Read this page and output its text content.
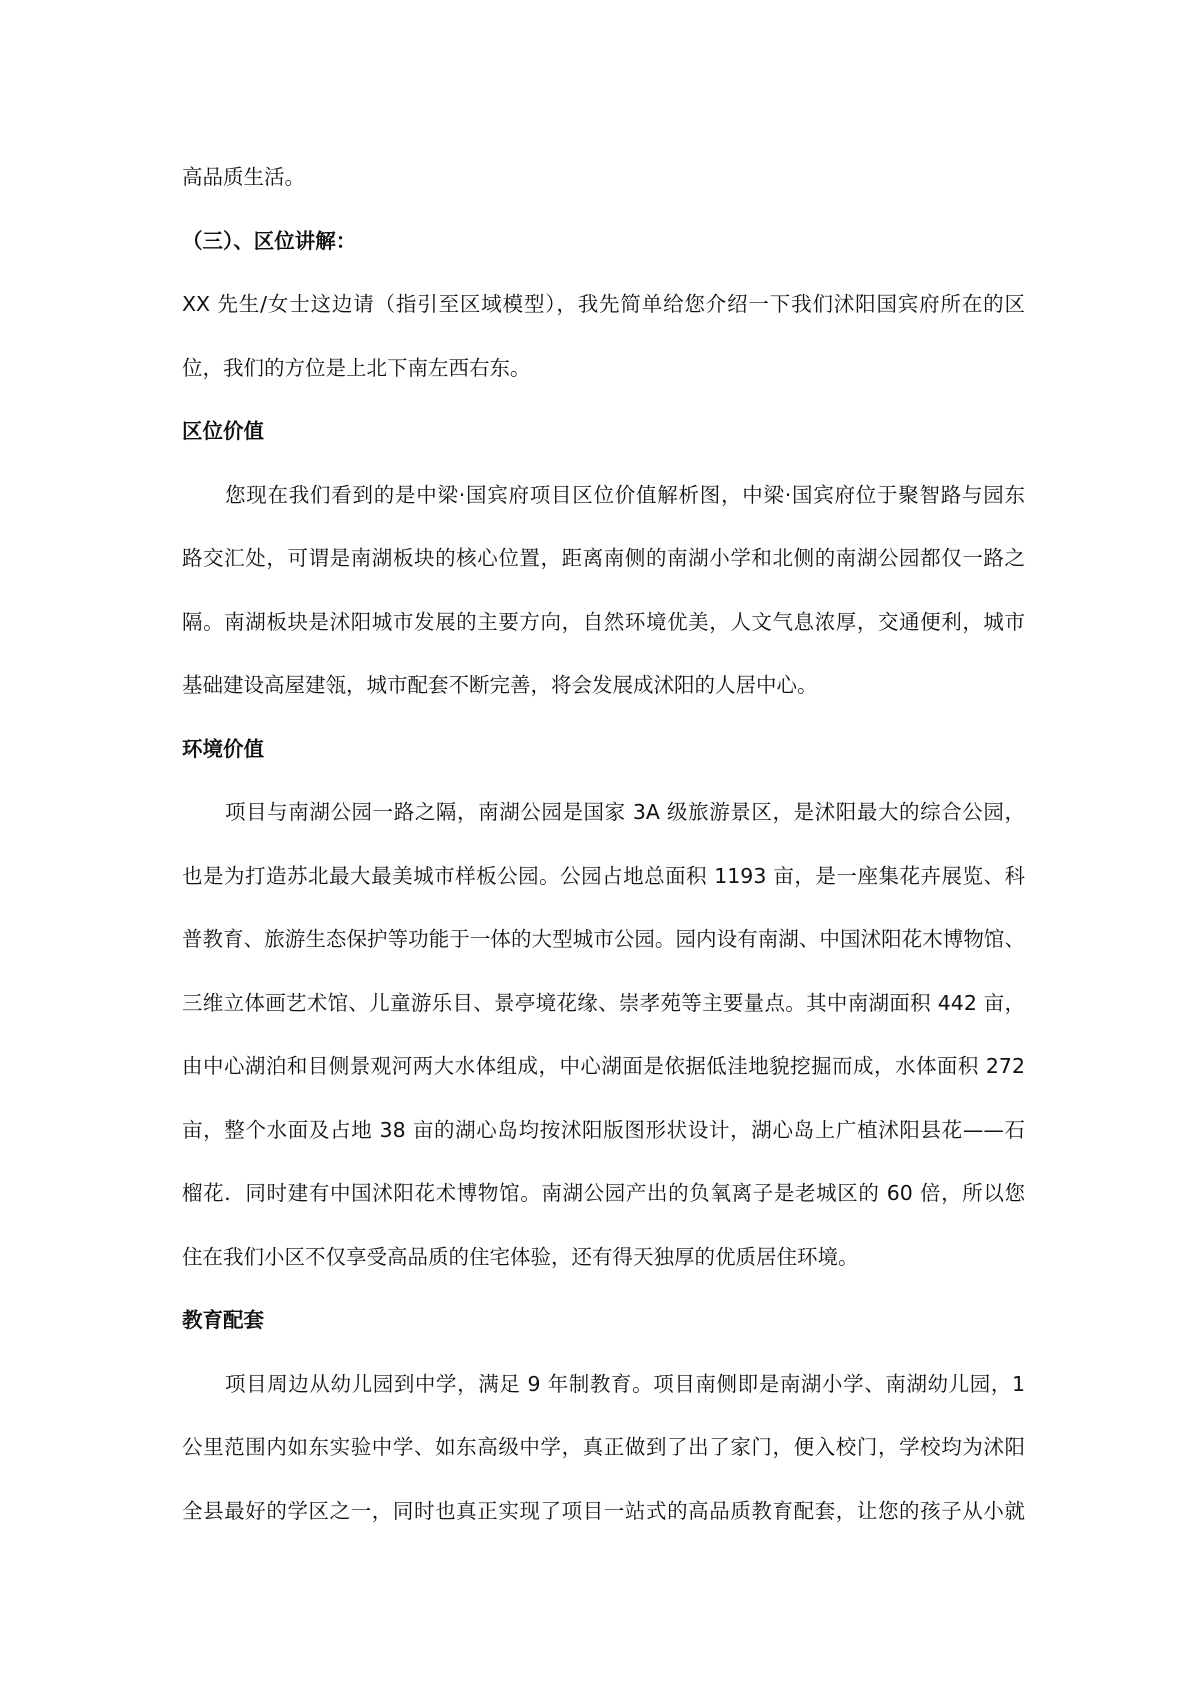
高品质生活。
（三）、区位讲解：
XX 先生/女士这边请（指引至区域模型），我先简单给您介绍一下我们沭阳国宾府所在的区
位，我们的方位是上北下南左西右东。
区位价值
您现在我们看到的是中梁·国宾府项目区位价值解析图，中梁·国宾府位于聚智路与园东
路交汇处，可谓是南湖板块的核心位置，距离南侧的南湖小学和北侧的南湖公园都仅一路之
隔。南湖板块是沭阳城市发展的主要方向，自然环境优美，人文气息浓厚，交通便利，城市
基础建设高屋建瓴，城市配套不断完善，将会发展成沭阳的人居中心。
环境价值
项目与南湖公园一路之隔，南湖公园是国家 3A 级旅游景区，是沭阳最大的综合公园，
也是为打造苏北最大最美城市样板公园。公园占地总面积 1193 亩，是一座集花卉展览、科
普教育、旅游生态保护等功能于一体的大型城市公园。园内设有南湖、中国沭阳花木博物馆、
三维立体画艺术馆、儿童游乐目、景亭境花缘、崇孝苑等主要量点。其中南湖面积 442 亩，
由中心湖泊和目侧景观河两大水体组成，中心湖面是依据低洼地貌挖掘而成，水体面积 272
亩，整个水面及占地 38 亩的湖心岛均按沭阳版图形状设计，湖心岛上广植沭阳县花——石
榴花．同时建有中国沭阳花术博物馆。南湖公园产出的负氧离子是老城区的 60 倍，所以您
住在我们小区不仅享受高品质的住宅体验，还有得天独厚的优质居住环境。
教育配套
项目周边从幼儿园到中学，满足 9 年制教育。项目南侧即是南湖小学、南湖幼儿园，1
公里范围内如东实验中学、如东高级中学，真正做到了出了家门，便入校门，学校均为沭阳
全县最好的学区之一，同时也真正实现了项目一站式的高品质教育配套，让您的孩子从小就
